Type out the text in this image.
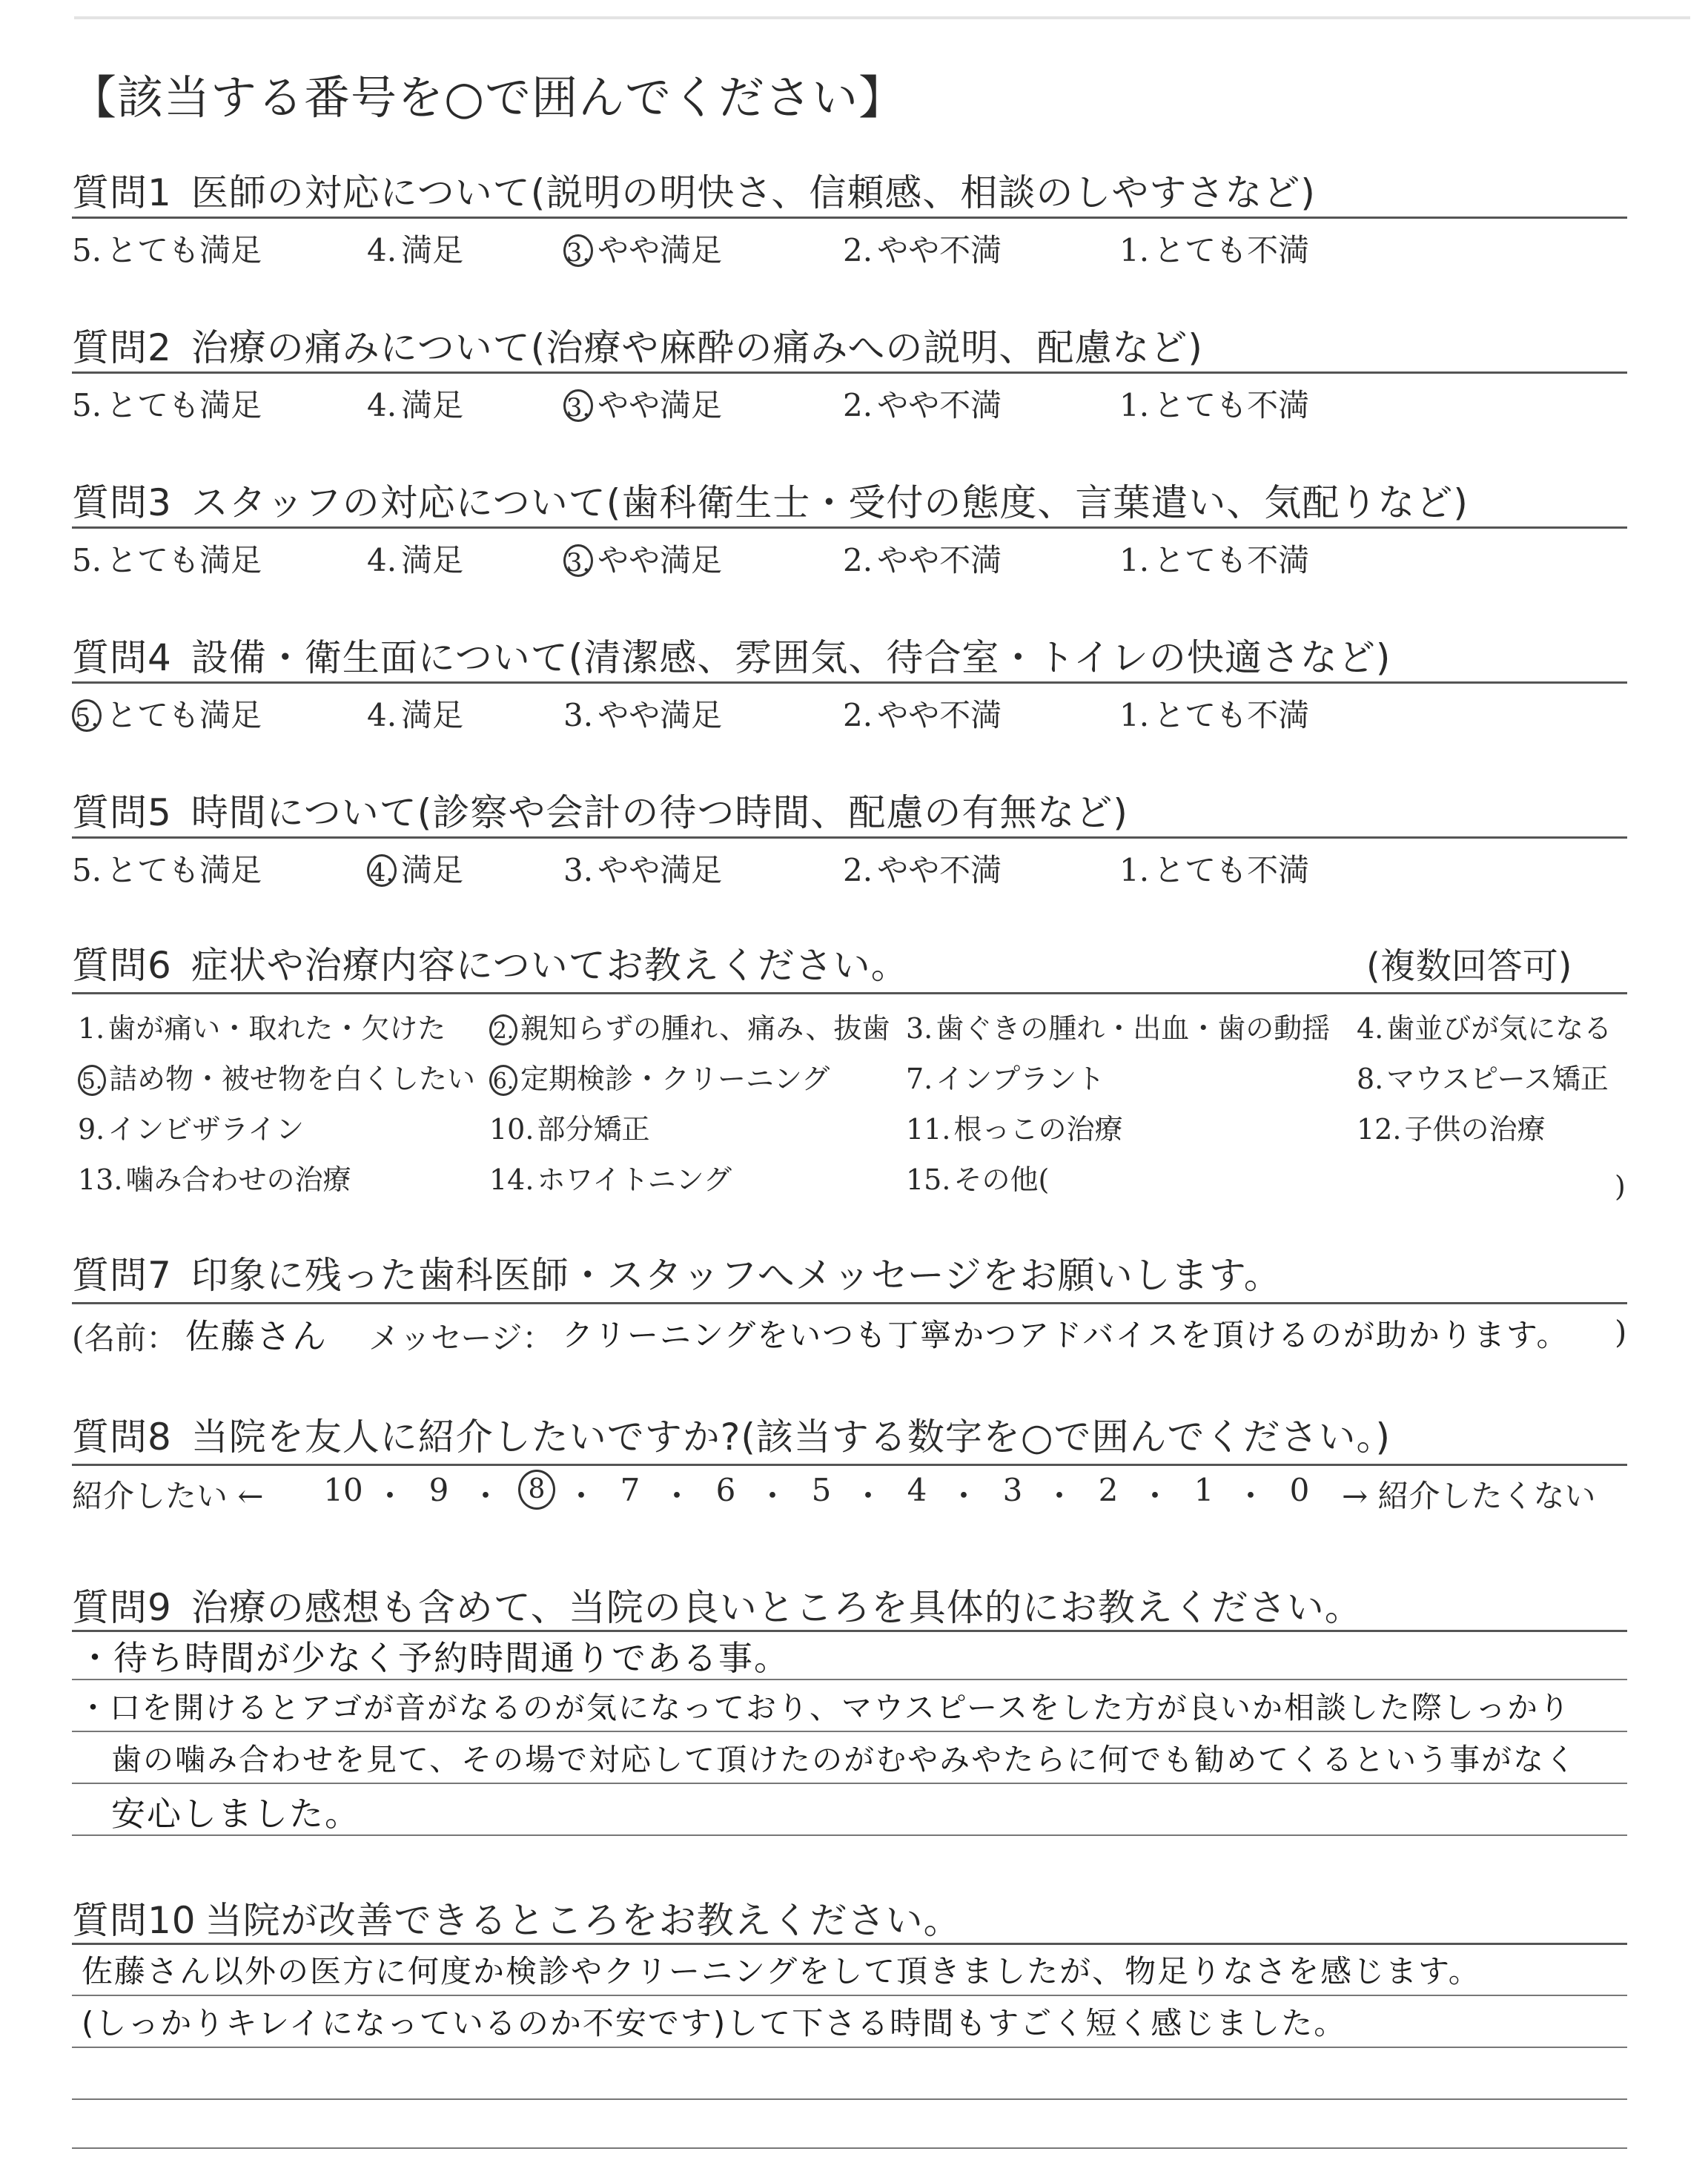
【該当する番号を○で囲んでください】
質問1 医師の対応について(説明の明快さ、信頼感、相談のしやすさなど)
5. とても満足	4. 満足	3. やや満足	2. やや不満	1. とても不満
質問2 治療の痛みについて(治療や麻酔の痛みへの説明、配慮など)
5. とても満足	4. 満足	3. やや満足	2. やや不満	1. とても不満
質問3 スタッフの対応について(歯科衛生士・受付の態度、言葉遣い、気配りなど)
5. とても満足	4. 満足	3. やや満足	2. やや不満	1. とても不満
質問4 設備・衛生面について(清潔感、雰囲気、待合室・トイレの快適さなど)
5. とても満足	4. 満足	3. やや満足	2. やや不満	1. とても不満
質問5 時間について(診察や会計の待つ時間、配慮の有無など)
5. とても満足	4. 満足	3. やや満足	2. やや不満	1. とても不満
質問6 症状や治療内容についてお教えください。	(複数回答可)
1. 歯が痛い・取れた・欠けた 2. 親知らずの腫れ、痛み、抜歯 3. 歯ぐきの腫れ・出血・歯の動揺 4. 歯並びが気になる
5. 詰め物・被せ物を白くしたい 6. 定期検診・クリーニング	7. インプラント	8. マウスピース矯正
9. インビザライン	10. 部分矯正	11. 根っこの治療	12. 子供の治療
13. 噛み合わせの治療	14. ホワイトニング	15. その他(	)
質問7 印象に残った歯科医師・スタッフへメッセージをお願いします。
(名前： 佐藤さん メッセージ： クリーニングをいつも丁寧かつアドバイスを頂けるのが助かります。 )
質問8 当院を友人に紹介したいですか?(該当する数字を○で囲んでください。)
紹介したい ← 10 ・ 9 ・	8 ・ 7 ・ 6 ・ 5 ・ 4 ・ 3 ・ 2 ・ 1 ・ 0	→ 紹介したくない
質問9 治療の感想も含めて、当院の良いところを具体的にお教えください。
・待ち時間が少なく予約時間通りである事。
・口を開けるとアゴが音がなるのが気になっており、マウスピースをした方が良いか相談した際しっかり
歯の噛み合わせを見て、その場で対応して頂けたのがむやみやたらに何でも勧めてくるという事がなく
安心しました。
質問10 当院が改善できるところをお教えください。
佐藤さん以外の医方に何度か検診やクリーニングをして頂きましたが、物足りなさを感じます。
(しっかりキレイになっているのか不安です)して下さる時間もすごく短く感じました。
